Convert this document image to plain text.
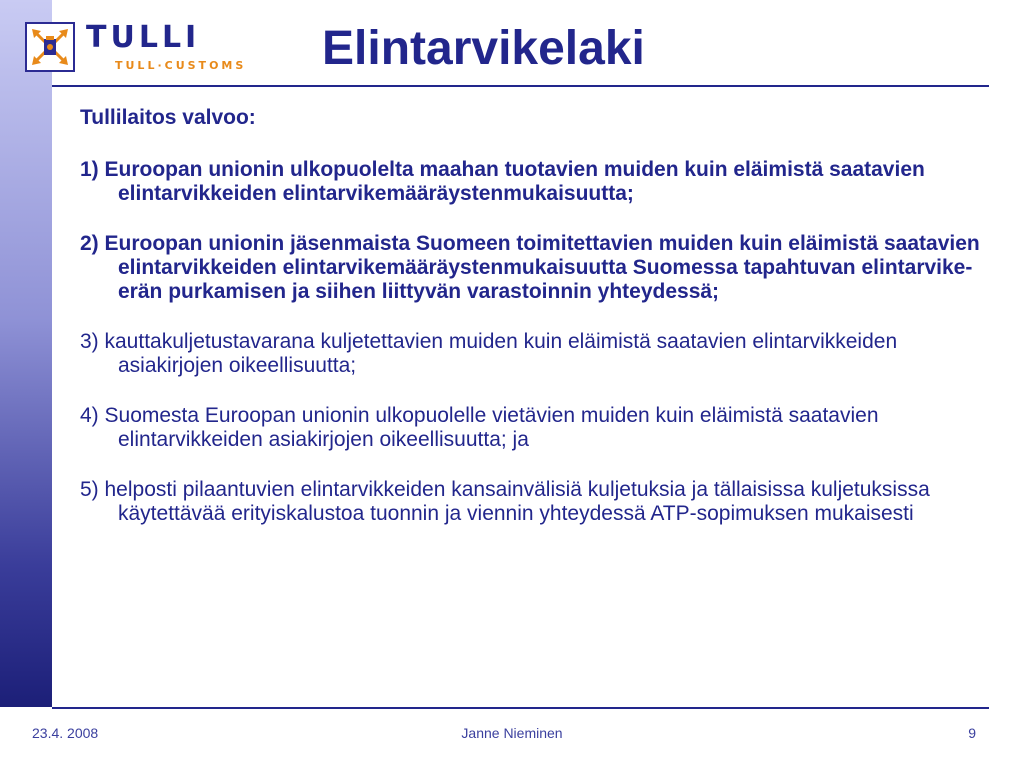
TULLI
TULL·CUSTOMS Elintarvikelaki

Tullilaitos valvoo:

1) Euroopan unionin ulkopuolelta maahan tuotavien muiden kuin eläimistä saatavien elintarvikkeiden elintarvikemääräystenmukaisuutta;

2) Euroopan unionin jäsenmaista Suomeen toimitettavien muiden kuin eläimistä saatavien elintarvikkeiden elintarvikemääräystenmukaisuutta Suomessa tapahtuvan elintarvike-erän purkamisen ja siihen liittyvän varastoinnin yhteydessä;

3) kauttakuljetustavarana kuljetettavien muiden kuin eläimistä saatavien elintarvikkeiden asiakirjojen oikeellisuutta;

4) Suomesta Euroopan unionin ulkopuolelle vietävien muiden kuin eläimistä saatavien elintarvikkeiden asiakirjojen oikeellisuutta; ja

5) helposti pilaantuvien elintarvikkeiden kansainvälisiä kuljetuksia ja tällaisissa kuljetuksissa käytettävää erityiskalustoa tuonnin ja viennin yhteydessä ATP-sopimuksen mukaisesti

23.4. 2008	Janne Nieminen	9
